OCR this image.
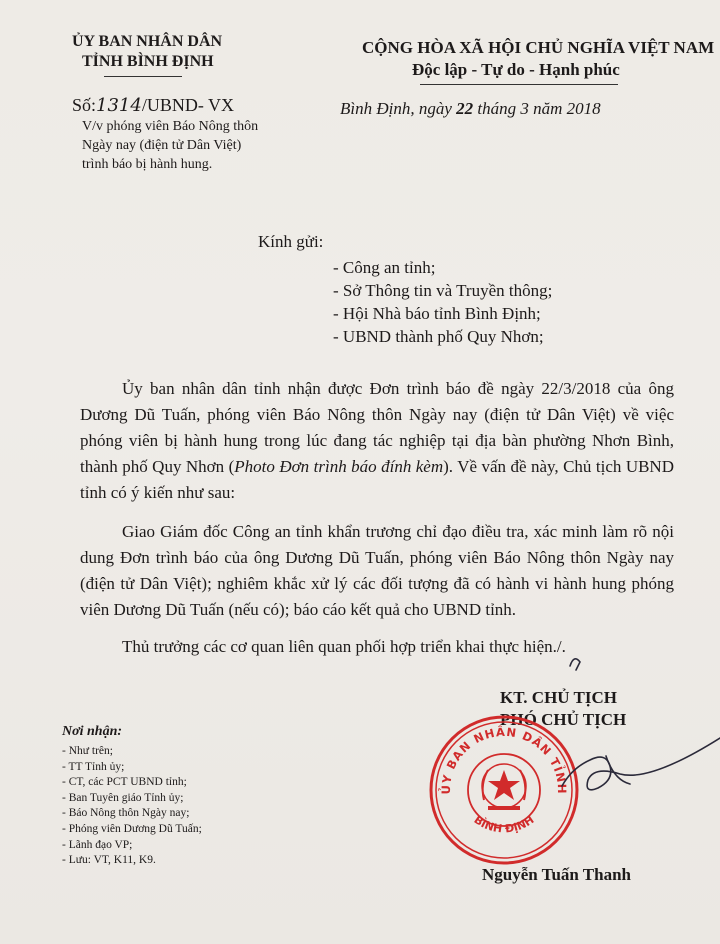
ỦY BAN NHÂN DÂN

TỈNH BÌNH ĐỊNH

CỘNG HÒA XÃ HỘI CHỦ NGHĨA VIỆT NAM

Độc lập - Tự do - Hạnh phúc

Số:1314/UBND- VX

V/v phóng viên Báo Nông thôn
Ngày nay (điện tử Dân Việt)
trình báo bị hành hung.

Bình Định, ngày 22 tháng 3 năm 2018

Kính gửi:

- Công an tỉnh;
- Sở Thông tin và Truyền thông;
- Hội Nhà báo tỉnh Bình Định;
- UBND thành phố Quy Nhơn;

Ủy ban nhân dân tỉnh nhận được Đơn trình báo đề ngày 22/3/2018 của ông Dương Dũ Tuấn, phóng viên Báo Nông thôn Ngày nay (điện tử Dân Việt) về việc phóng viên bị hành hung trong lúc đang tác nghiệp tại địa bàn phường Nhơn Bình, thành phố Quy Nhơn (Photo Đơn trình báo đính kèm). Về vấn đề này, Chủ tịch UBND tỉnh có ý kiến như sau:

Giao Giám đốc Công an tỉnh khẩn trương chỉ đạo điều tra, xác minh làm rõ nội dung Đơn trình báo của ông Dương Dũ Tuấn, phóng viên Báo Nông thôn Ngày nay (điện tử Dân Việt); nghiêm khắc xử lý các đối tượng đã có hành vi hành hung phóng viên Dương Dũ Tuấn (nếu có); báo cáo kết quả cho UBND tỉnh.

Thủ trưởng các cơ quan liên quan phối hợp triển khai thực hiện./.

KT. CHỦ TỊCH

PHÓ CHỦ TỊCH

ỦY BAN NHÂN DÂN TỈNH
BÌNH ĐỊNH

Nguyễn Tuấn Thanh

Nơi nhận:

- Như trên;
- TT Tỉnh ủy;
- CT, các PCT UBND tỉnh;
- Ban Tuyên giáo Tỉnh ủy;
- Báo Nông thôn Ngày nay;
- Phóng viên Dương Dũ Tuấn;
- Lãnh đạo VP;
- Lưu: VT, K11, K9.
